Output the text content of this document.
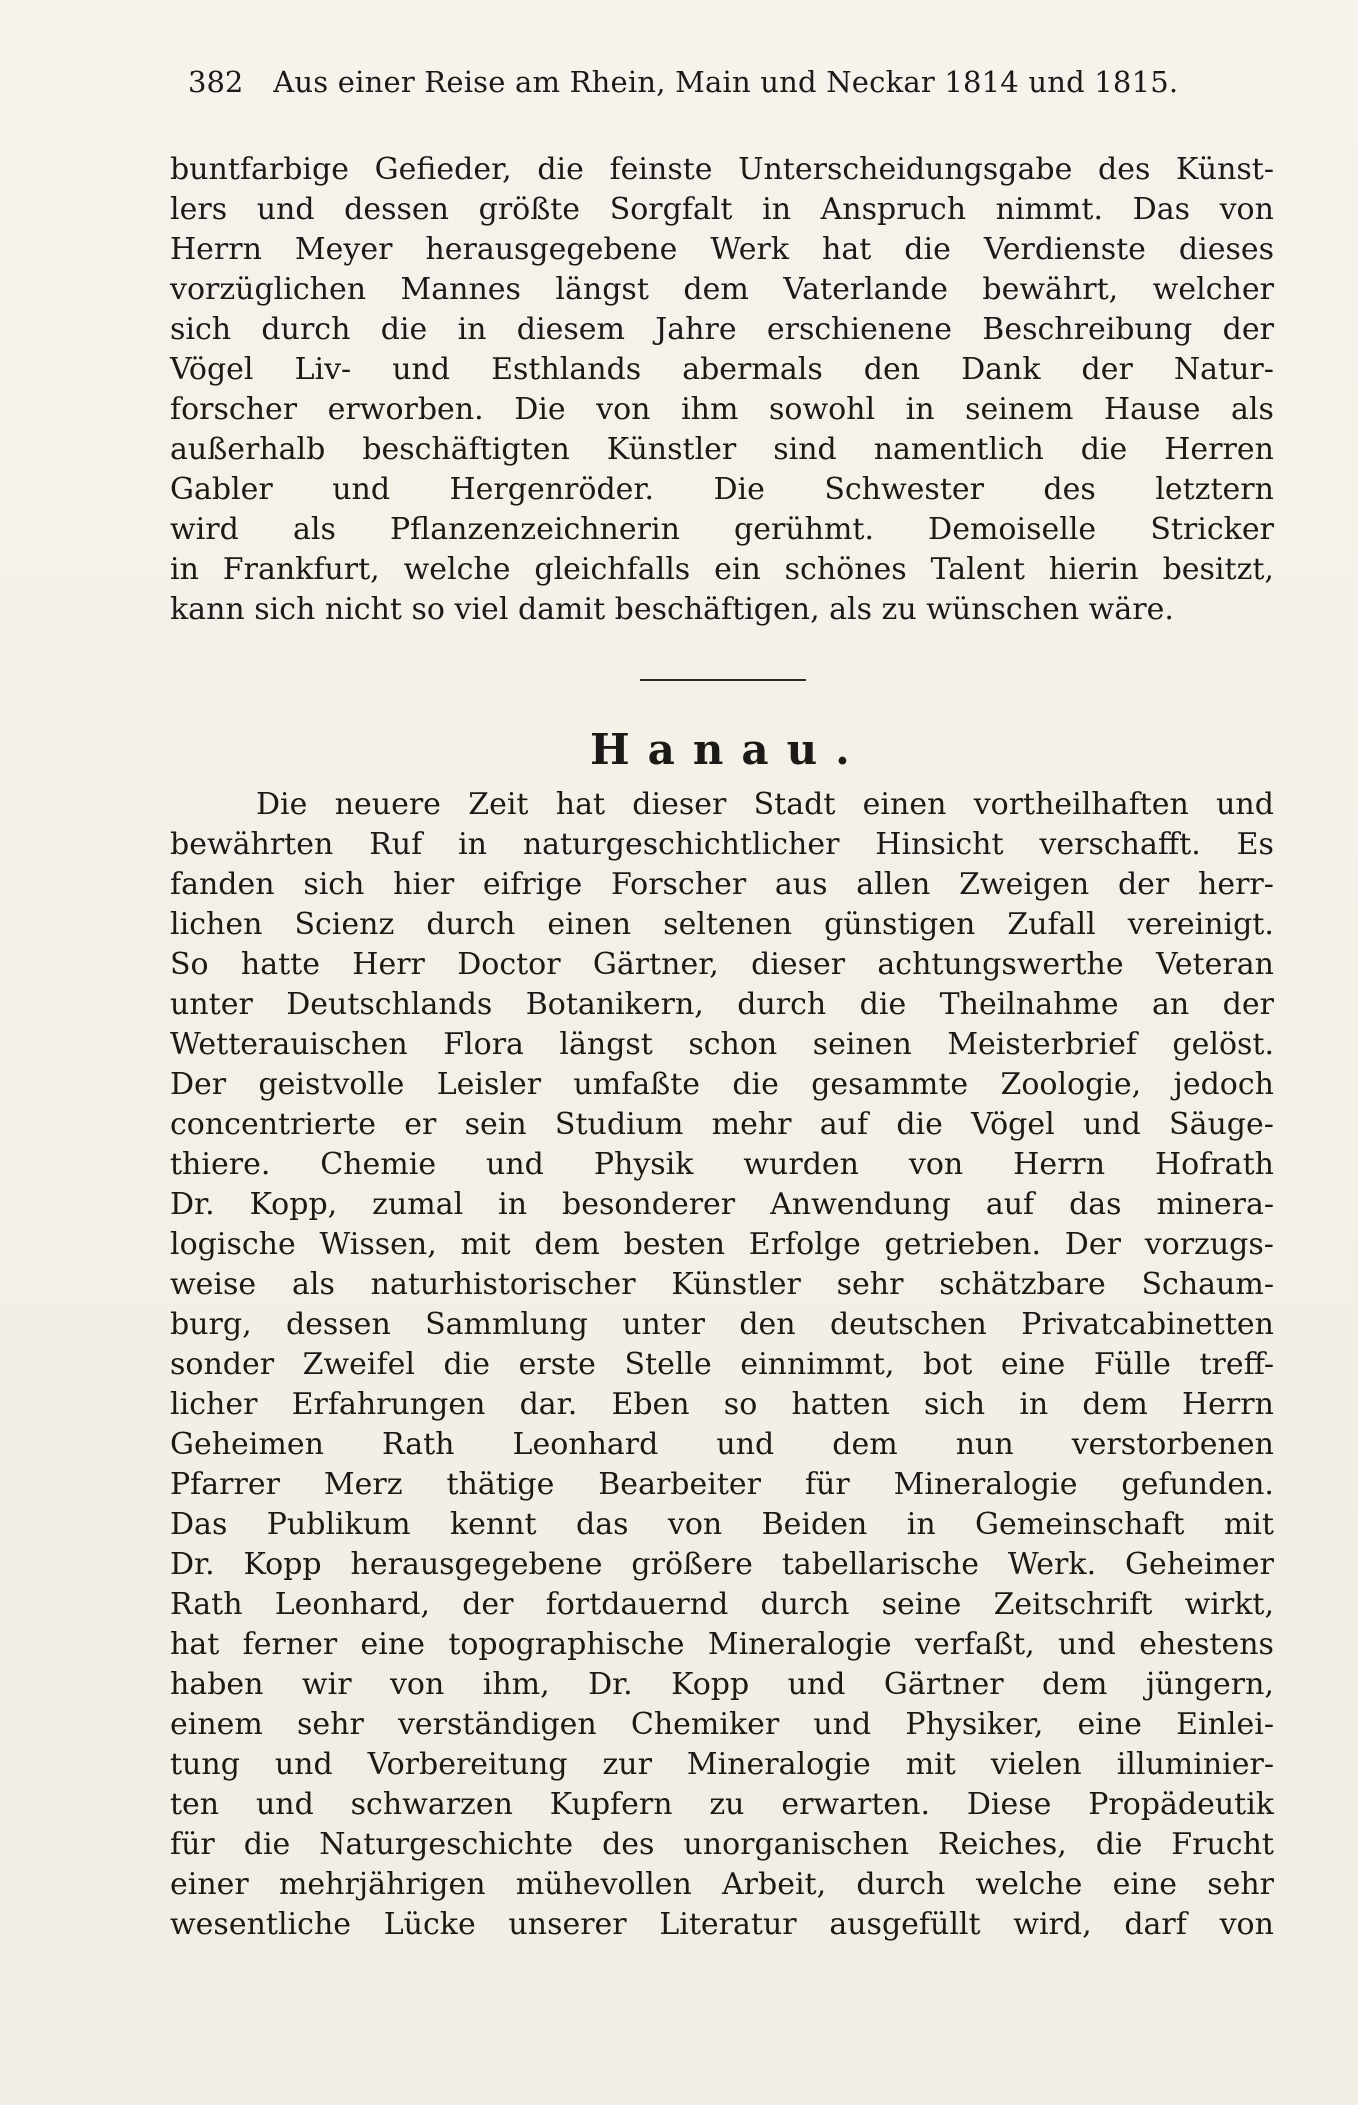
382 Aus einer Reise am Rhein, Main und Neckar 1814 und 1815.
buntfarbige Gefieder, die feinste Unterscheidungsgabe des Künst-
lers und dessen größte Sorgfalt in Anspruch nimmt. Das von
Herrn Meyer herausgegebene Werk hat die Verdienste dieses
vorzüglichen Mannes längst dem Vaterlande bewährt, welcher
sich durch die in diesem Jahre erschienene Beschreibung der
Vögel Liv- und Esthlands abermals den Dank der Natur-
forscher erworben. Die von ihm sowohl in seinem Hause als
außerhalb beschäftigten Künstler sind namentlich die Herren
Gabler und Hergenröder. Die Schwester des letztern
wird als Pflanzenzeichnerin gerühmt. Demoiselle Stricker
in Frankfurt, welche gleichfalls ein schönes Talent hierin besitzt,
kann sich nicht so viel damit beschäftigen, als zu wünschen wäre.
Hanau.
Die neuere Zeit hat dieser Stadt einen vortheilhaften und
bewährten Ruf in naturgeschichtlicher Hinsicht verschafft. Es
fanden sich hier eifrige Forscher aus allen Zweigen der herr-
lichen Scienz durch einen seltenen günstigen Zufall vereinigt.
So hatte Herr Doctor Gärtner, dieser achtungswerthe Veteran
unter Deutschlands Botanikern, durch die Theilnahme an der
Wetterauischen Flora längst schon seinen Meisterbrief gelöst.
Der geistvolle Leisler umfaßte die gesammte Zoologie, jedoch
concentrierte er sein Studium mehr auf die Vögel und Säuge-
thiere. Chemie und Physik wurden von Herrn Hofrath
Dr. Kopp, zumal in besonderer Anwendung auf das minera-
logische Wissen, mit dem besten Erfolge getrieben. Der vorzugs-
weise als naturhistorischer Künstler sehr schätzbare Schaum-
burg, dessen Sammlung unter den deutschen Privatcabinetten
sonder Zweifel die erste Stelle einnimmt, bot eine Fülle treff-
licher Erfahrungen dar. Eben so hatten sich in dem Herrn
Geheimen Rath Leonhard und dem nun verstorbenen
Pfarrer Merz thätige Bearbeiter für Mineralogie gefunden.
Das Publikum kennt das von Beiden in Gemeinschaft mit
Dr. Kopp herausgegebene größere tabellarische Werk. Geheimer
Rath Leonhard, der fortdauernd durch seine Zeitschrift wirkt,
hat ferner eine topographische Mineralogie verfaßt, und ehestens
haben wir von ihm, Dr. Kopp und Gärtner dem jüngern,
einem sehr verständigen Chemiker und Physiker, eine Einlei-
tung und Vorbereitung zur Mineralogie mit vielen illuminier-
ten und schwarzen Kupfern zu erwarten. Diese Propädeutik
für die Naturgeschichte des unorganischen Reiches, die Frucht
einer mehrjährigen mühevollen Arbeit, durch welche eine sehr
wesentliche Lücke unserer Literatur ausgefüllt wird, darf von
